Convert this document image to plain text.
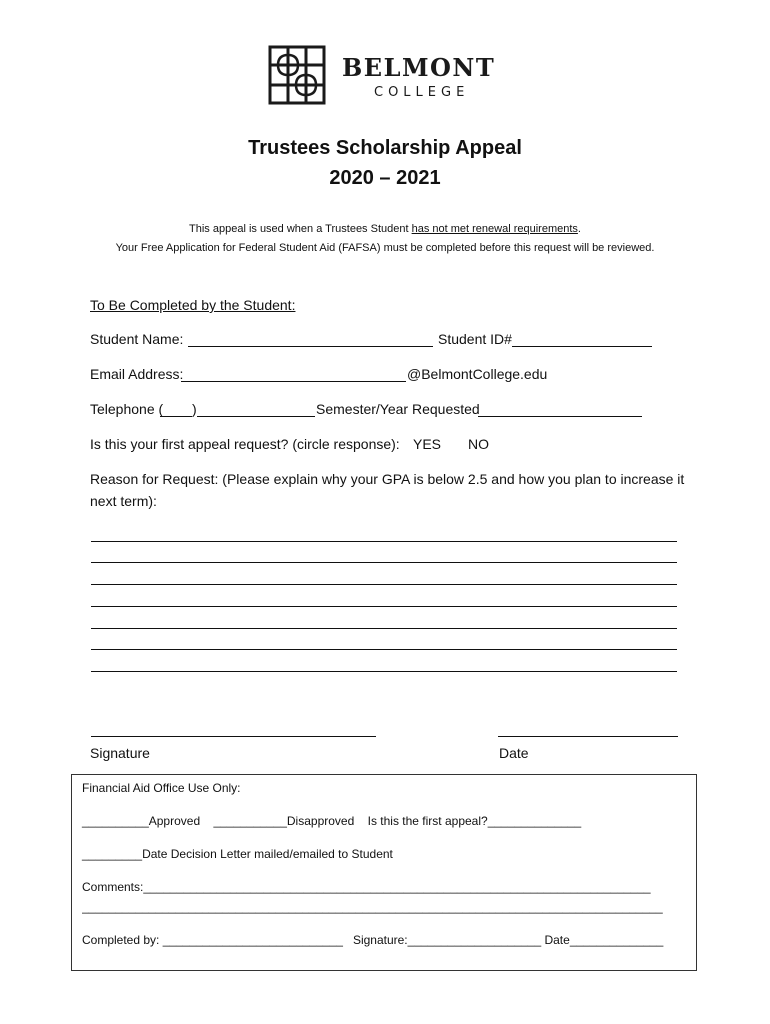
BELMONT
COLLEGE
Trustees Scholarship Appeal
2020 – 2021
This appeal is used when a Trustees Student has not met renewal requirements.
Your Free Application for Federal Student Aid (FAFSA) must be completed before this request will be reviewed.
To Be Completed by the Student:
Student Name:	Student ID#
Email Address:	@BelmontCollege.edu
Telephone ( )	Semester/Year Requested
Is this your first appeal request? (circle response): YES NO
Reason for Request: (Please explain why your GPA is below 2.5 and how you plan to increase it
next term):
Signature	Date
Financial Aid Office Use Only:
__________Approved ___________Disapproved Is this the first appeal?______________
_________Date Decision Letter mailed/emailed to Student
Comments:____________________________________________________________________________
_______________________________________________________________________________________
Completed by: ___________________________ Signature:____________________ Date______________
